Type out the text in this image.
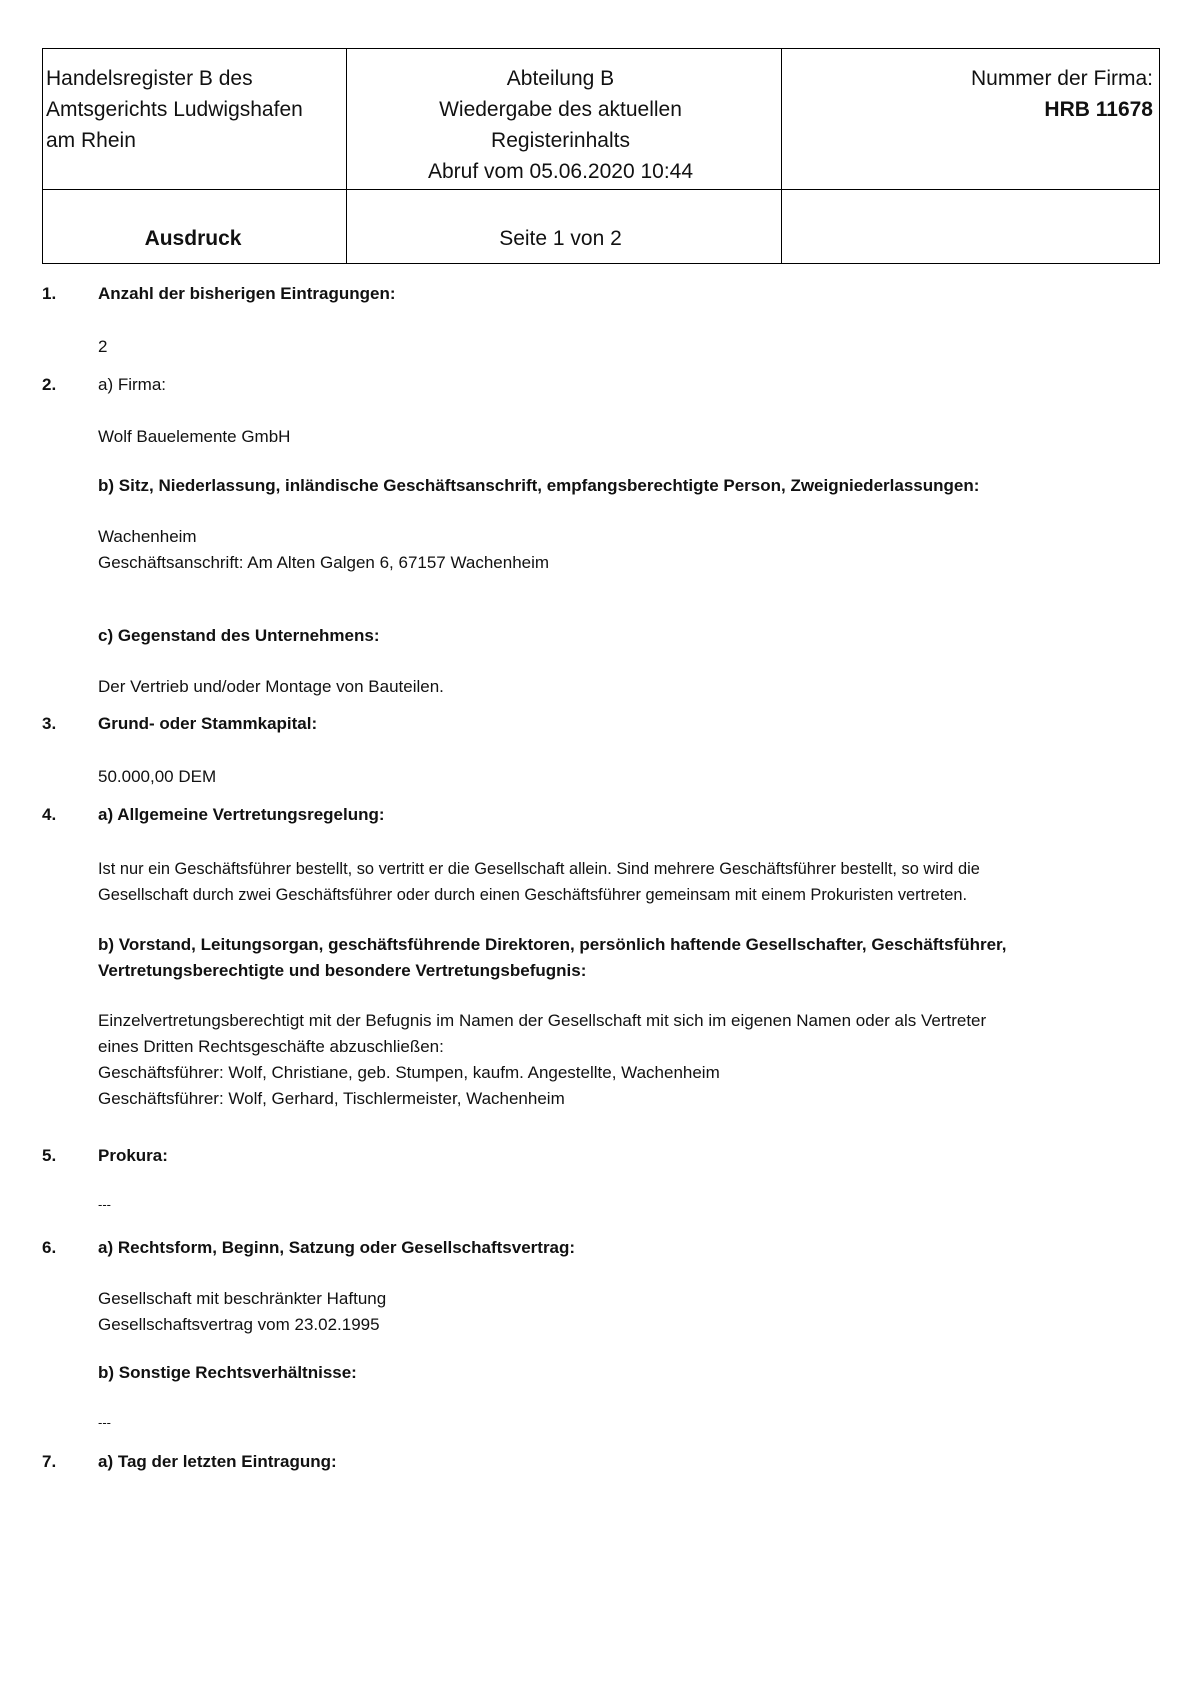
Handelsregister B des
Amtsgerichts Ludwigshafen
am Rhein
Abteilung B
Wiedergabe des aktuellen
Registerinhalts
Abruf vom 05.06.2020 10:44
Nummer der Firma:
HRB 11678
Ausdruck	Seite 1 von 2
1. Anzahl der bisherigen Eintragungen:
2
2. a) Firma:
Wolf Bauelemente GmbH
b) Sitz, Niederlassung, inländische Geschäftsanschrift, empfangsberechtigte Person, Zweigniederlassungen:
Wachenheim
Geschäftsanschrift: Am Alten Galgen 6, 67157 Wachenheim
c) Gegenstand des Unternehmens:
Der Vertrieb und/oder Montage von Bauteilen.
3. Grund- oder Stammkapital:
50.000,00 DEM
4. a) Allgemeine Vertretungsregelung:
Ist nur ein Geschäftsführer bestellt, so vertritt er die Gesellschaft allein. Sind mehrere Geschäftsführer bestellt, so wird die
Gesellschaft durch zwei Geschäftsführer oder durch einen Geschäftsführer gemeinsam mit einem Prokuristen vertreten.
b) Vorstand, Leitungsorgan, geschäftsführende Direktoren, persönlich haftende Gesellschafter, Geschäftsführer,
Vertretungsberechtigte und besondere Vertretungsbefugnis:
Einzelvertretungsberechtigt mit der Befugnis im Namen der Gesellschaft mit sich im eigenen Namen oder als Vertreter
eines Dritten Rechtsgeschäfte abzuschließen:
Geschäftsführer: Wolf, Christiane, geb. Stumpen, kaufm. Angestellte, Wachenheim
Geschäftsführer: Wolf, Gerhard, Tischlermeister, Wachenheim
5. Prokura:
---
6. a) Rechtsform, Beginn, Satzung oder Gesellschaftsvertrag:
Gesellschaft mit beschränkter Haftung
Gesellschaftsvertrag vom 23.02.1995
b) Sonstige Rechtsverhältnisse:
---
7. a) Tag der letzten Eintragung:
